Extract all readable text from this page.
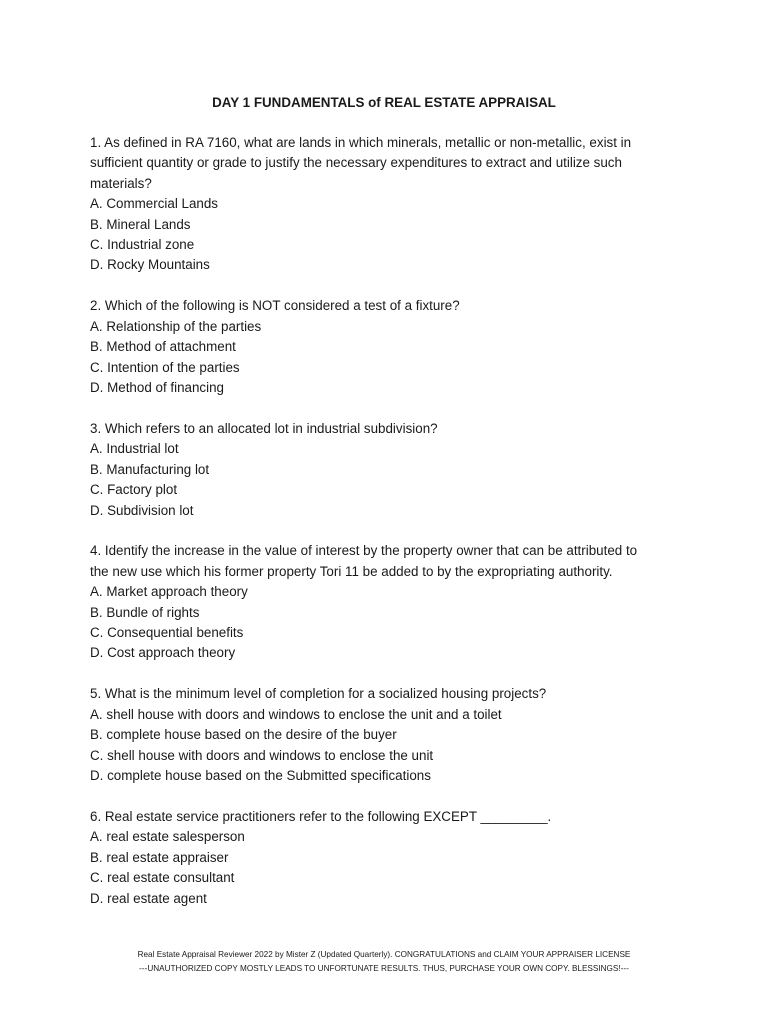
DAY 1 FUNDAMENTALS of REAL ESTATE APPRAISAL
1. As defined in RA 7160, what are lands in which minerals, metallic or non-metallic, exist in
sufficient quantity or grade to justify the necessary expenditures to extract and utilize such
materials?
A. Commercial Lands
B. Mineral Lands
C. Industrial zone
D. Rocky Mountains
2. Which of the following is NOT considered a test of a fixture?
A. Relationship of the parties
B. Method of attachment
C. Intention of the parties
D. Method of financing
3. Which refers to an allocated lot in industrial subdivision?
A. Industrial lot
B. Manufacturing lot
C. Factory plot
D. Subdivision lot
4. Identify the increase in the value of interest by the property owner that can be attributed to
the new use which his former property Tori 11 be added to by the expropriating authority.
A. Market approach theory
B. Bundle of rights
C. Consequential benefits
D. Cost approach theory
5. What is the minimum level of completion for a socialized housing projects?
A. shell house with doors and windows to enclose the unit and a toilet
B. complete house based on the desire of the buyer
C. shell house with doors and windows to enclose the unit
D. complete house based on the Submitted specifications
6. Real estate service practitioners refer to the following EXCEPT _________.
A. real estate salesperson
B. real estate appraiser
C. real estate consultant
D. real estate agent
Real Estate Appraisal Reviewer 2022 by Mister Z (Updated Quarterly). CONGRATULATIONS and CLAIM YOUR APPRAISER LICENSE
---UNAUTHORIZED COPY MOSTLY LEADS TO UNFORTUNATE RESULTS. THUS, PURCHASE YOUR OWN COPY. BLESSINGS!---
